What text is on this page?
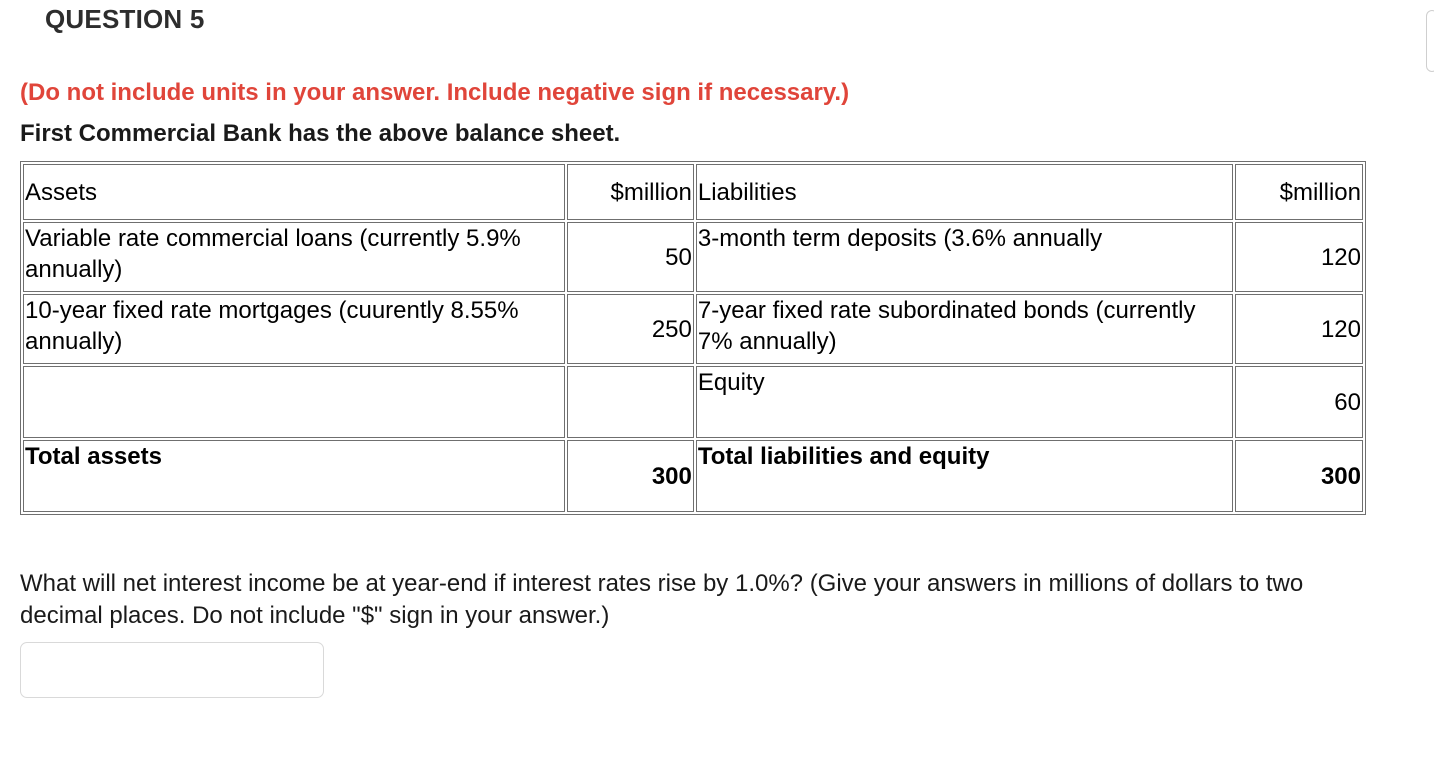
QUESTION 5
(Do not include units in your answer. Include negative sign if necessary.)
First Commercial Bank has the above balance sheet.
Assets	$million	Liabilities	$million
Variable rate commercial loans (currently 5.9% annually)	50	3-month term deposits (3.6% annually	120
10-year fixed rate mortgages (cuurently 8.55% annually)	250	7-year fixed rate subordinated bonds (currently 7% annually)	120
		Equity	60
Total assets	300	Total liabilities and equity	300
What will net interest income be at year-end if interest rates rise by 1.0%? (Give your answers in millions of dollars to two decimal places. Do not include "$" sign in your answer.)
